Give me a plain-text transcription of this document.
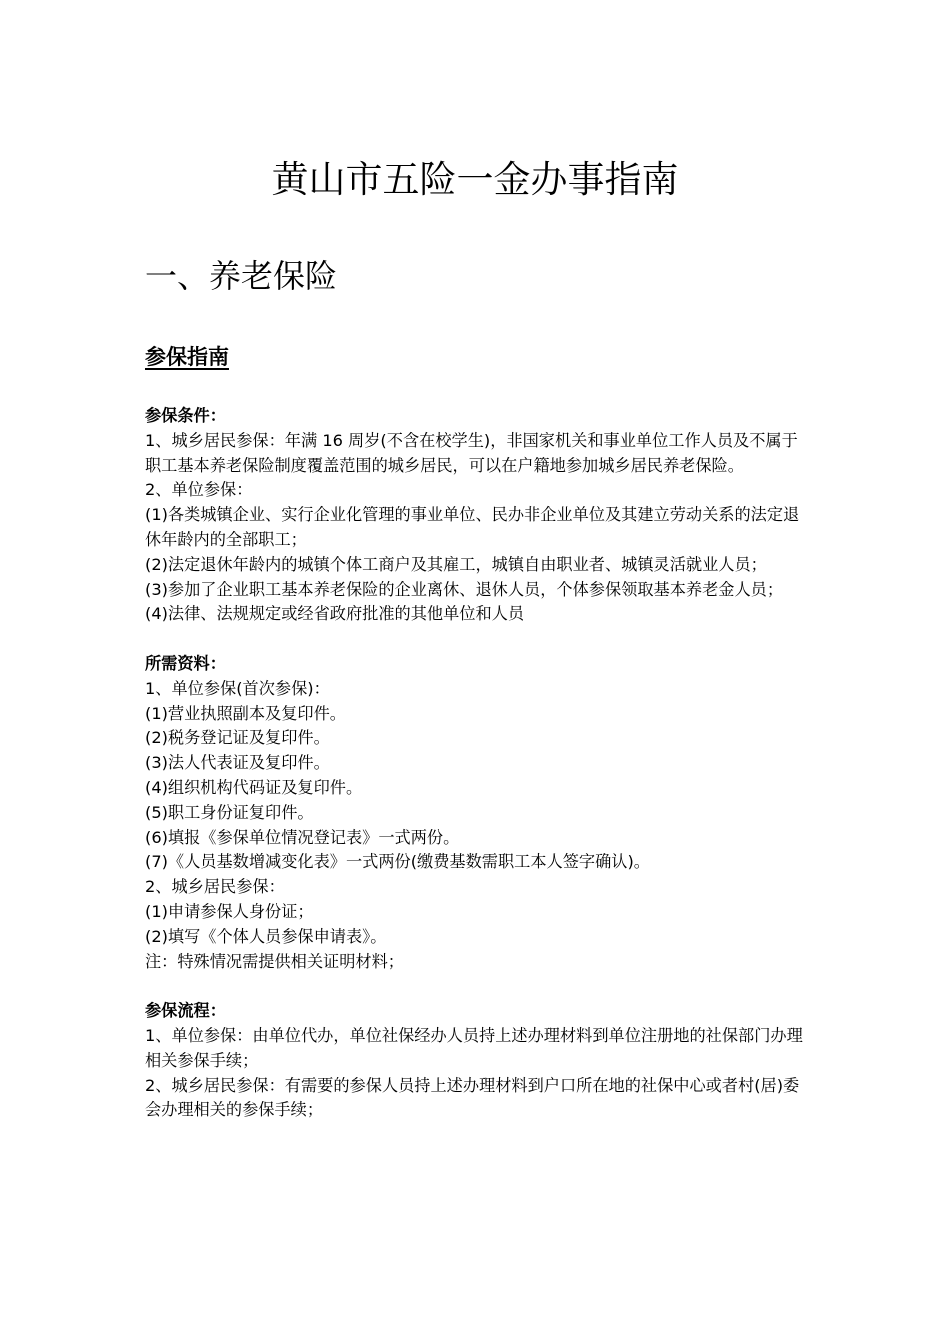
黄山市五险一金办事指南
一、养老保险
参保指南
参保条件：
1、城乡居民参保：年满 16 周岁(不含在校学生)，非国家机关和事业单位工作人员及不属于职工基本养老保险制度覆盖范围的城乡居民，可以在户籍地参加城乡居民养老保险。
2、单位参保：
(1)各类城镇企业、实行企业化管理的事业单位、民办非企业单位及其建立劳动关系的法定退休年龄内的全部职工；
(2)法定退休年龄内的城镇个体工商户及其雇工，城镇自由职业者、城镇灵活就业人员；
(3)参加了企业职工基本养老保险的企业离休、退休人员，个体参保领取基本养老金人员；
(4)法律、法规规定或经省政府批准的其他单位和人员
所需资料：
1、单位参保(首次参保)：
(1)营业执照副本及复印件。
(2)税务登记证及复印件。
(3)法人代表证及复印件。
(4)组织机构代码证及复印件。
(5)职工身份证复印件。
(6)填报《参保单位情况登记表》一式两份。
(7)《人员基数增减变化表》一式两份(缴费基数需职工本人签字确认)。
2、城乡居民参保：
(1)申请参保人身份证；
(2)填写《个体人员参保申请表》。
注：特殊情况需提供相关证明材料；
参保流程：
1、单位参保：由单位代办，单位社保经办人员持上述办理材料到单位注册地的社保部门办理相关参保手续；
2、城乡居民参保：有需要的参保人员持上述办理材料到户口所在地的社保中心或者村(居)委会办理相关的参保手续；
